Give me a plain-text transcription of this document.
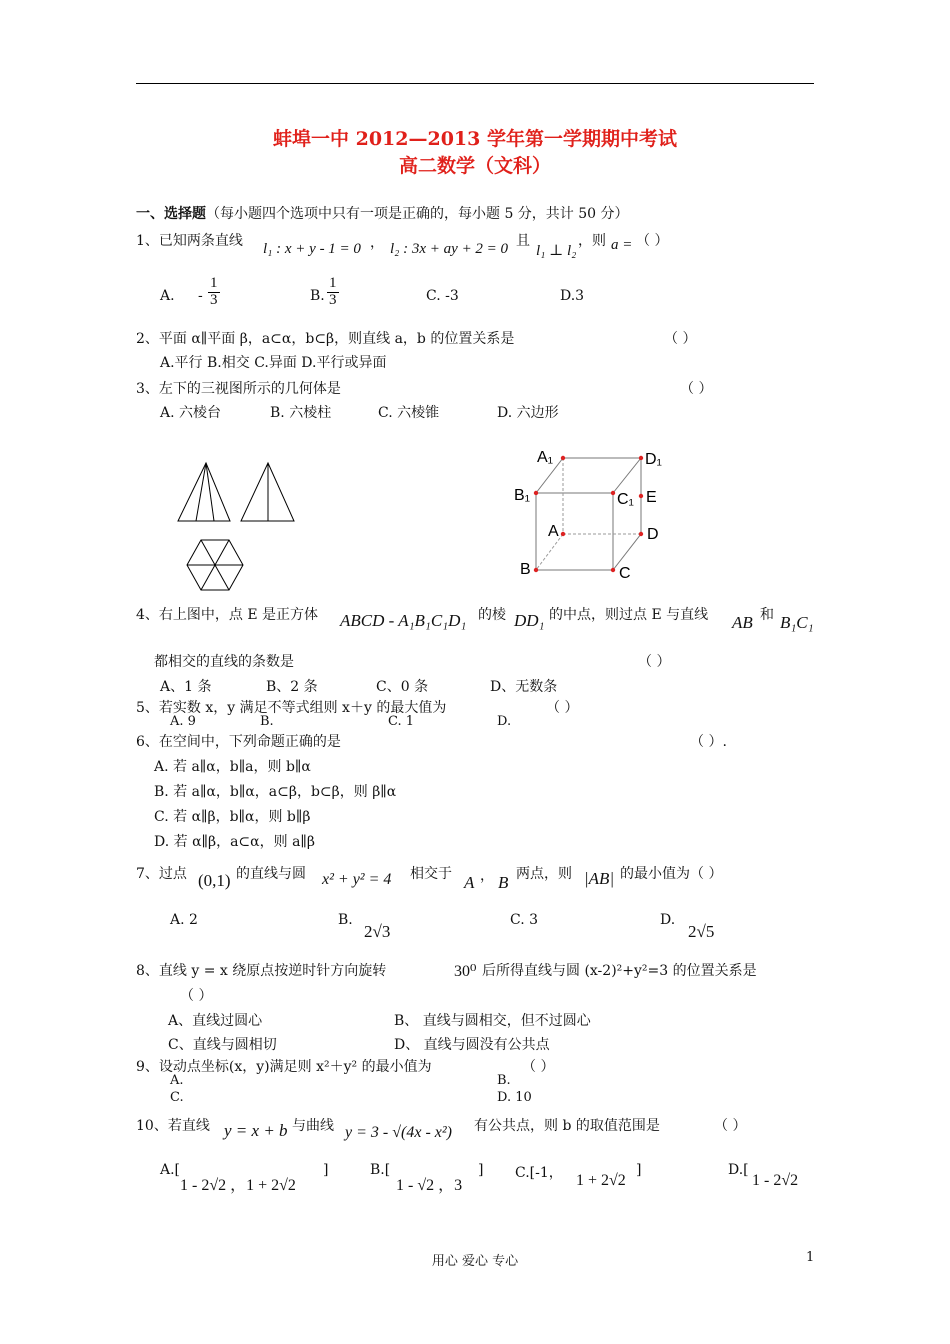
蚌埠一中 2012—2013 学年第一学期期中考试
高二数学（文科）
一、选择题（每小题四个选项中只有一项是正确的，每小题 5 分，共计 50 分）
1、已知两条直线 l₁ : x + y - 1 = 0 ， l₂ : 3x + ay + 2 = 0 且
l₁ ⊥ l₂
，则 a = （ ）
A. - $\frac{1}{3}$	B. $\frac{1}{3}$	C. -3	D.3
2、平面 α∥平面 β，a⊂α，b⊂β，则直线 a，b 的位置关系是	（ ）
A.平行 B.相交 C.异面 D.平行或异面
3、左下的三视图所示的几何体是	（ ）
A. 六棱台	B. 六棱柱	C. 六棱锥	D. 六边形
A₁	D₁
B₁	C₁ E
A	D
B	C
4、右上图中，点 E 是正方体 ABCD - A₁B₁C₁D₁ 的棱 DD₁ 的中点，则过点 E 与直线 AB 和 B₁C₁
都相交的直线的条数是	（ ）
A、1 条	B、2 条	C、0 条	D、无数条
5、若实数 x，y 满足不等式组则 x＋y 的最大值为	（ ）
A. 9	B.	C. 1	D.
6、在空间中，下列命题正确的是	（ ）.
A. 若 a∥α，b∥a，则 b∥α
B. 若 a∥α，b∥α，a⊂β，b⊂β，则 β∥α
C. 若 α∥β，b∥α，则 b∥β
D. 若 α∥β，a⊂α，则 a∥β
7、过点 (0,1) 的直线与圆 x² + y² = 4 相交于 A ， B 两点，则 |AB| 的最小值为（ ）
A. 2	B.
2√3
C. 3	D.
2√5
8、直线 y = x 绕原点按逆时针方向旋转	30⁰ 后所得直线与圆 (x-2)²+y²=3 的位置关系是
（ ）
A、直线过圆心	B、 直线与圆相交，但不过圆心
C、直线与圆相切	D、 直线与圆没有公共点
9、设动点坐标(x，y)满足则 x²＋y² 的最小值为	（ ）
A.	B.
C.	D. 10
10、若直线 y = x + b 与曲线 y = 3 - √(4x - x²) 有公共点，则 b 的取值范围是	（ ）
A.[
1 - 2√2 ，1 + 2√2
]	B.[
1 - √2 ，3
] C.[-1， 1 + 2√2
]	D.[
1 - 2√2
用心 爱心 专心	1
